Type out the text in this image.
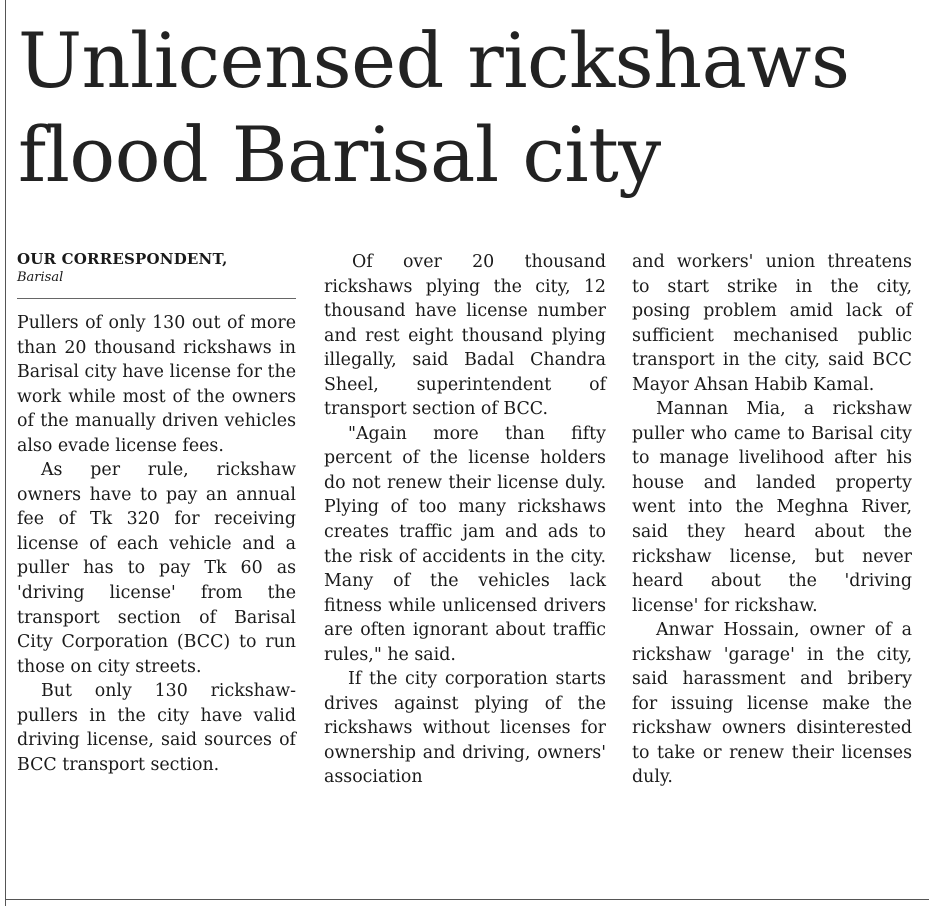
Unlicensed rickshaws
flood Barisal city

OUR CORRESPONDENT,

Barisal

Pullers of only 130 out of more than 20 thousand rickshaws in Barisal city have license for the work while most of the owners of the manually driven vehicles also evade license fees.

As per rule, rickshaw owners have to pay an annual fee of Tk 320 for receiving license of each vehicle and a puller has to pay Tk 60 as 'driving license' from the transport section of Barisal City Corporation (BCC) to run those on city streets.

But only 130 rickshaw-pullers in the city have valid driving license, said sources of BCC transport section.

Of over 20 thousand rickshaws plying the city, 12 thousand have license number and rest eight thousand plying illegally, said Badal Chandra Sheel, superintendent of transport section of BCC.

"Again more than fifty percent of the license holders do not renew their license duly. Plying of too many rickshaws creates traffic jam and ads to the risk of accidents in the city. Many of the vehicles lack fitness while unlicensed drivers are often ignorant about traffic rules," he said.

If the city corporation starts drives against plying of the rickshaws without licenses for ownership and driving, owners' association

and workers' union threatens to start strike in the city, posing problem amid lack of sufficient mechanised public transport in the city, said BCC Mayor Ahsan Habib Kamal.

Mannan Mia, a rickshaw puller who came to Barisal city to manage livelihood after his house and landed property went into the Meghna River, said they heard about the rickshaw license, but never heard about the 'driving license' for rickshaw.

Anwar Hossain, owner of a rickshaw 'garage' in the city, said harassment and bribery for issuing license make the rickshaw owners disinterested to take or renew their licenses duly.
